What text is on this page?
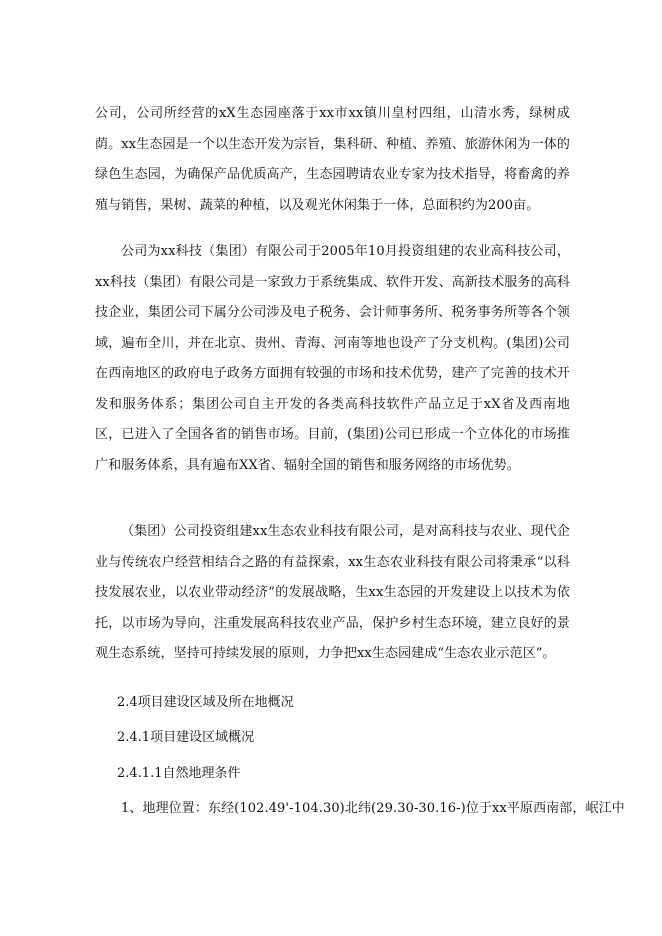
公司，公司所经营的xX生态园座落于xx市xx镇川皇村四组，山清水秀，绿树成荫。xx生态园是一个以生态开发为宗旨，集科研、种植、养殖、旅游休闲为一体的绿色生态园，为确保产品优质高产，生态园聘请农业专家为技术指导，将畜禽的养殖与销售，果树、蔬菜的种植，以及观光休闲集于一体，总面积约为200亩。

公司为xx科技（集团）有限公司于2005年10月投资组建的农业高科技公司，xx科技（集团）有限公司是一家致力于系统集成、软件开发、高新技术服务的高科技企业，集团公司下属分公司涉及电子税务、会计师事务所、税务事务所等各个领域，遍布全川，并在北京、贵州、青海、河南等地也设产了分支机构。(集团)公司在西南地区的政府电子政务方面拥有较强的市场和技术优势，建产了完善的技术开发和服务体系；集团公司自主开发的各类高科技软件产品立足于xX省及西南地区，已进入了全国各省的销售市场。目前，(集团)公司已形成一个立体化的市场推广和服务体系，具有遍布XX省、辐射全国的销售和服务网络的市场优势。

（集团）公司投资组建xx生态农业科技有限公司，是对高科技与农业、现代企业与传统农户经营相结合之路的有益探索，xx生态农业科技有限公司将秉承“以科技发展农业，以农业带动经济”的发展战略，生xx生态园的开发建设上以技术为依托，以市场为导向，注重发展高科技农业产品，保护乡村生态环境，建立良好的景观生态系统，坚持可持续发展的原则，力争把xx生态园建成“生态农业示范区”。

2.4项目建设区域及所在地概况

2.4.1项目建设区域概况

2.4.1.1自然地理条件

1、地理位置：东经(102.49'-104.30)北纬(29.30-30.16-)位于xx平原西南部，岷江中
